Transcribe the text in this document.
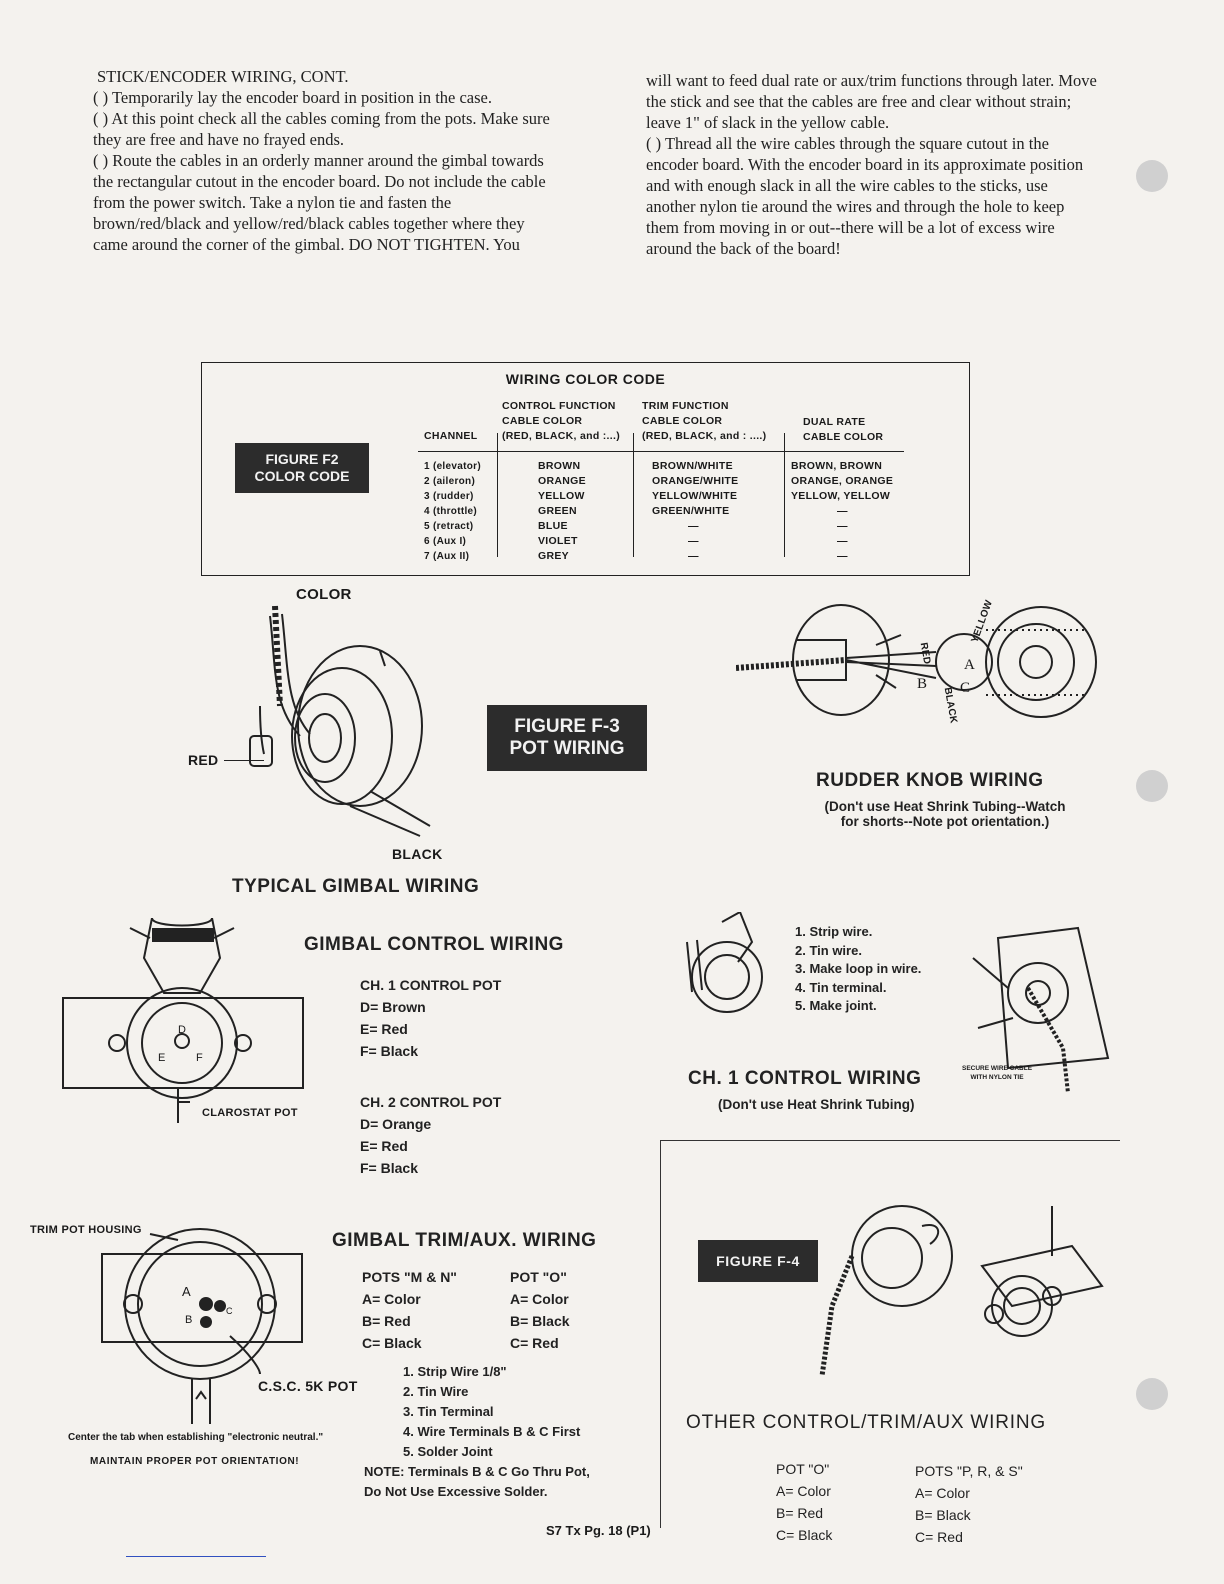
STICK/ENCODER WIRING, CONT.

( ) Temporarily lay the encoder board in position in the case.

( ) At this point check all the cables coming from the pots. Make sure they are free and have no frayed ends.

( ) Route the cables in an orderly manner around the gimbal towards the rectangular cutout in the encoder board. Do not include the cable from the power switch. Take a nylon tie and fasten the brown/red/black and yellow/red/black cables together where they came around the corner of the gimbal. DO NOT TIGHTEN. You

will want to feed dual rate or aux/trim functions through later. Move the stick and see that the cables are free and clear without strain; leave 1" of slack in the yellow cable.

( ) Thread all the wire cables through the square cutout in the encoder board. With the encoder board in its approximate position and with enough slack in all the wire cables to the sticks, use another nylon tie around the wires and through the hole to keep them from moving in or out--there will be a lot of excess wire around the back of the board!

WIRING COLOR CODE
FIGURE F2
COLOR CODE
CHANNEL
CONTROL FUNCTION
CABLE COLOR
(RED, BLACK, and :...)
TRIM FUNCTION
CABLE COLOR
(RED, BLACK, and : ....)
DUAL RATE
CABLE COLOR
1 (elevator)
2 (aileron)
3 (rudder)
4 (throttle)
5 (retract)
6 (Aux I)
7 (Aux II)
BROWN
ORANGE
YELLOW
GREEN
BLUE
VIOLET
GREY
BROWN/WHITE
ORANGE/WHITE
YELLOW/WHITE
GREEN/WHITE
—
—
—
BROWN, BROWN
ORANGE, ORANGE
YELLOW, YELLOW
—
—
—
—
COLOR
RED
BLACK
FIGURE F-3
POT WIRING
TYPICAL GIMBAL WIRING
YELLOW
RED
BLACK
A
B C
RUDDER KNOB WIRING
(Don't use Heat Shrink Tubing--Watch
for shorts--Note pot orientation.)
D
E	F
CLAROSTAT POT
GIMBAL CONTROL WIRING
CH. 1 CONTROL POT
D= Brown
E= Red
F= Black
CH. 2 CONTROL POT
D= Orange
E= Red
F= Black
1. Strip wire.
2. Tin wire.
3. Make loop in wire.
4. Tin terminal.
5. Make joint.
SECURE WIRE CABLE
WITH NYLON TIE
CH. 1 CONTROL WIRING
(Don't use Heat Shrink Tubing)
TRIM POT HOUSING
A
B
C
C.S.C. 5K POT
GIMBAL TRIM/AUX. WIRING
POTS "M & N"
A= Color
B= Red
C= Black
POT "O"
A= Color
B= Black
C= Red
1. Strip Wire 1/8"
2. Tin Wire
3. Tin Terminal
4. Wire Terminals B & C First
5. Solder Joint
NOTE: Terminals B & C Go Thru Pot,
Do Not Use Excessive Solder.
Center the tab when establishing "electronic neutral."
MAINTAIN PROPER POT ORIENTATION!
FIGURE F-4
OTHER CONTROL/TRIM/AUX WIRING
POT "O"
A= Color
B= Red
C= Black
POTS "P, R, & S"
A= Color
B= Black
C= Red
S7 Tx Pg. 18 (P1)
